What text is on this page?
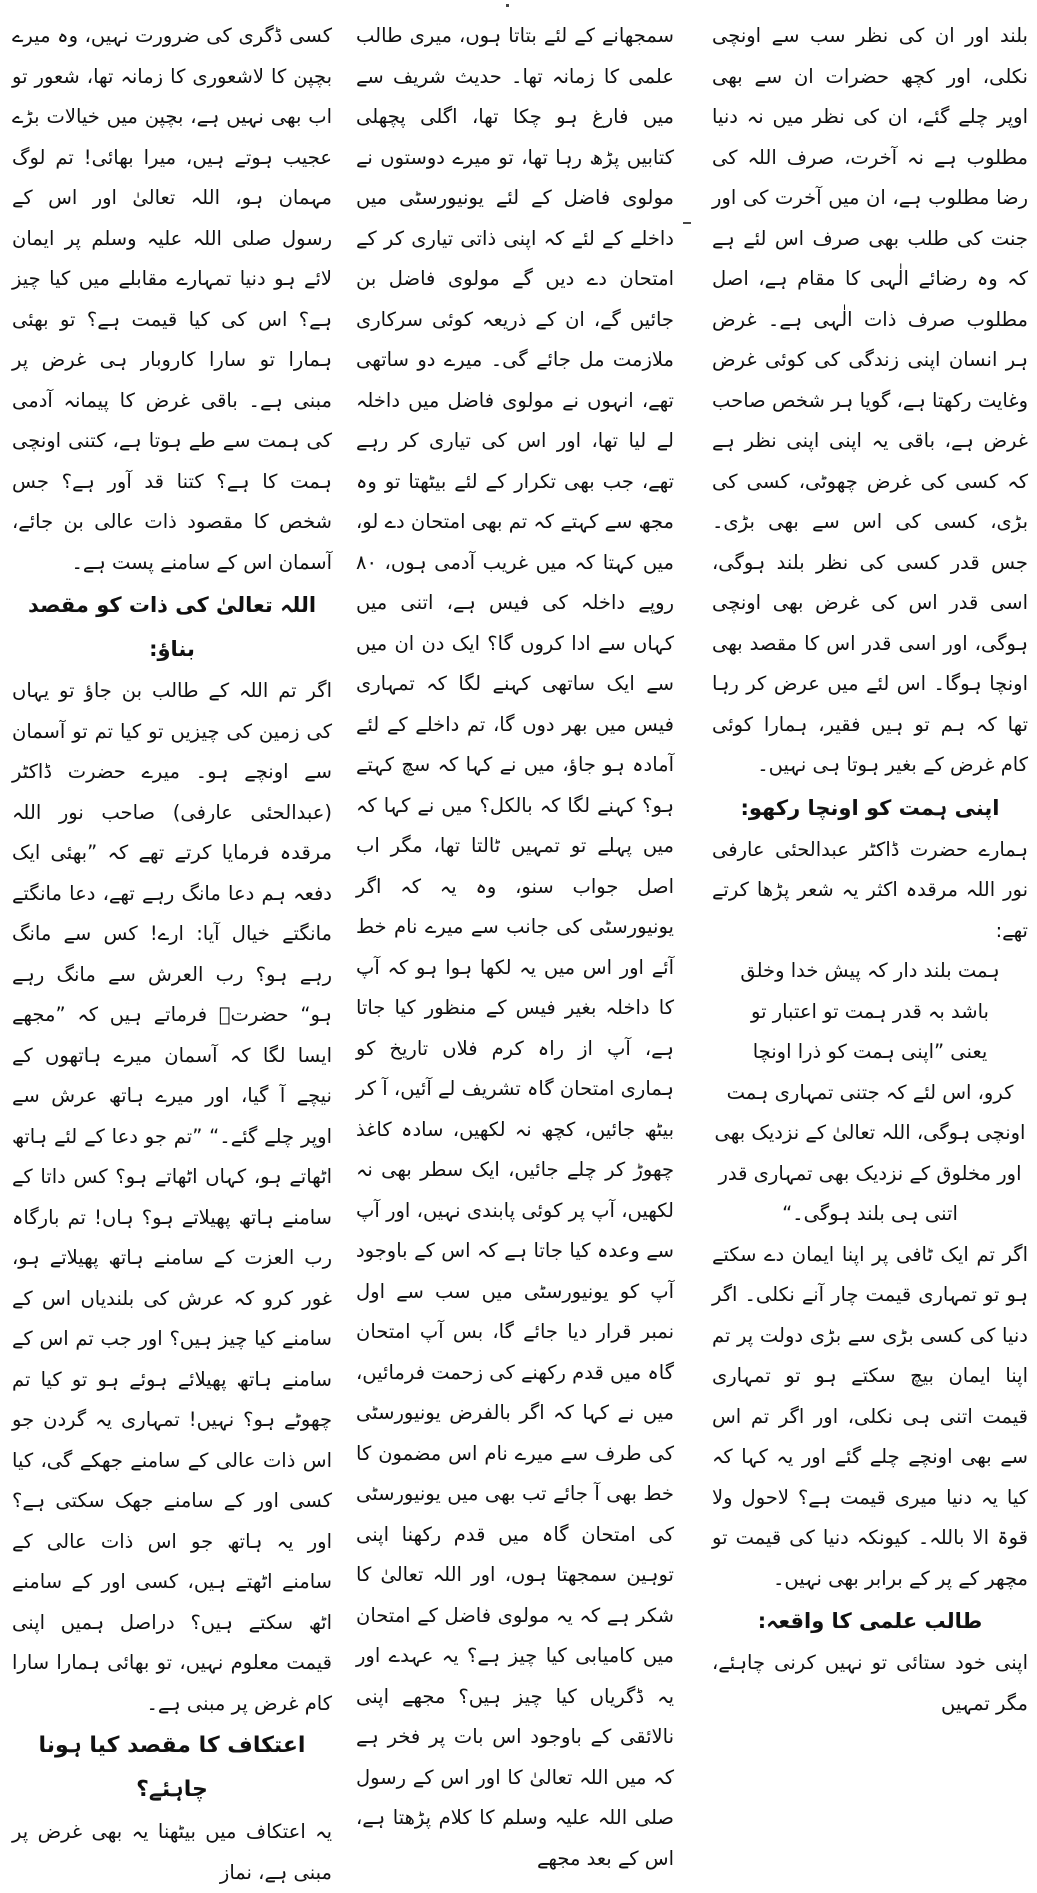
بلند اور ان کی نظر سب سے اونچی نکلی، اور کچھ حضرات ان سے بھی اوپر چلے گئے، ان کی نظر میں نہ دنیا مطلوب ہے نہ آخرت، صرف اللہ کی رضا مطلوب ہے، ان میں آخرت کی اور جنت کی طلب بھی صرف اس لئے ہے کہ وہ رضائے الٰہی کا مقام ہے، اصل مطلوب صرف ذات الٰہی ہے۔ غرض ہر انسان اپنی زندگی کی کوئی غرض وغایت رکھتا ہے، گویا ہر شخص صاحب غرض ہے، باقی یہ اپنی اپنی نظر ہے کہ کسی کی غرض چھوٹی، کسی کی بڑی، کسی کی اس سے بھی بڑی۔ جس قدر کسی کی نظر بلند ہوگی، اسی قدر اس کی غرض بھی اونچی ہوگی، اور اسی قدر اس کا مقصد بھی اونچا ہوگا۔ اس لئے میں عرض کر رہا تھا کہ ہم تو ہیں فقیر، ہمارا کوئی کام غرض کے بغیر ہوتا ہی نہیں۔

اپنی ہمت کو اونچا رکھو:

ہمارے حضرت ڈاکٹر عبدالحئی عارفی نور اللہ مرقدہ اکثر یہ شعر پڑھا کرتے تھے:

ہمت بلند دار کہ پیش خدا وخلق
باشد بہ قدر ہمت تو اعتبار تو
یعنی ”اپنی ہمت کو ذرا اونچا
کرو، اس لئے کہ جتنی تمہاری ہمت
اونچی ہوگی، اللہ تعالیٰ کے نزدیک بھی
اور مخلوق کے نزدیک بھی تمہاری قدر
اتنی ہی بلند ہوگی۔“

اگر تم ایک ٹافی پر اپنا ایمان دے سکتے ہو تو تمہاری قیمت چار آنے نکلی۔ اگر دنیا کی کسی بڑی سے بڑی دولت پر تم اپنا ایمان بیچ سکتے ہو تو تمہاری قیمت اتنی ہی نکلی، اور اگر تم اس سے بھی اونچے چلے گئے اور یہ کہا کہ کیا یہ دنیا میری قیمت ہے؟ لاحول ولا قوۃ الا باللہ۔ کیونکہ دنیا کی قیمت تو مچھر کے پر کے برابر بھی نہیں۔

طالب علمی کا واقعہ:

اپنی خود ستائی تو نہیں کرنی چاہئے، مگر تمہیں

سمجھانے کے لئے بتاتا ہوں، میری طالب علمی کا زمانہ تھا۔ حدیث شریف سے میں فارغ ہو چکا تھا، اگلی پچھلی کتابیں پڑھ رہا تھا، تو میرے دوستوں نے مولوی فاضل کے لئے یونیورسٹی میں داخلے کے لئے کہ اپنی ذاتی تیاری کر کے امتحان دے دیں گے مولوی فاضل بن جائیں گے، ان کے ذریعہ کوئی سرکاری ملازمت مل جائے گی۔ میرے دو ساتھی تھے، انہوں نے مولوی فاضل میں داخلہ لے لیا تھا، اور اس کی تیاری کر رہے تھے، جب بھی تکرار کے لئے بیٹھتا تو وہ مجھ سے کہتے کہ تم بھی امتحان دے لو، میں کہتا کہ میں غریب آدمی ہوں، ۸۰ روپے داخلہ کی فیس ہے، اتنی میں کہاں سے ادا کروں گا؟ ایک دن ان میں سے ایک ساتھی کہنے لگا کہ تمہاری فیس میں بھر دوں گا، تم داخلے کے لئے آمادہ ہو جاؤ، میں نے کہا کہ سچ کہتے ہو؟ کہنے لگا کہ بالکل؟ میں نے کہا کہ میں پہلے تو تمہیں ٹالتا تھا، مگر اب اصل جواب سنو، وہ یہ کہ اگر یونیورسٹی کی جانب سے میرے نام خط آئے اور اس میں یہ لکھا ہوا ہو کہ آپ کا داخلہ بغیر فیس کے منظور کیا جاتا ہے، آپ از راہ کرم فلاں تاریخ کو ہماری امتحان گاہ تشریف لے آئیں، آ کر بیٹھ جائیں، کچھ نہ لکھیں، سادہ کاغذ چھوڑ کر چلے جائیں، ایک سطر بھی نہ لکھیں، آپ پر کوئی پابندی نہیں، اور آپ سے وعدہ کیا جاتا ہے کہ اس کے باوجود آپ کو یونیورسٹی میں سب سے اول نمبر قرار دیا جائے گا، بس آپ امتحان گاہ میں قدم رکھنے کی زحمت فرمائیں، میں نے کہا کہ اگر بالفرض یونیورسٹی کی طرف سے میرے نام اس مضمون کا خط بھی آ جائے تب بھی میں یونیورسٹی کی امتحان گاہ میں قدم رکھنا اپنی توہین سمجھتا ہوں، اور اللہ تعالیٰ کا شکر ہے کہ یہ مولوی فاضل کے امتحان میں کامیابی کیا چیز ہے؟ یہ عہدے اور یہ ڈگریاں کیا چیز ہیں؟ مجھے اپنی نالائقی کے باوجود اس بات پر فخر ہے کہ میں اللہ تعالیٰ کا اور اس کے رسول صلی اللہ علیہ وسلم کا کلام پڑھتا ہے، اس کے بعد مجھے

کسی ڈگری کی ضرورت نہیں، وہ میرے بچپن کا لاشعوری کا زمانہ تھا، شعور تو اب بھی نہیں ہے، بچپن میں خیالات بڑے عجیب ہوتے ہیں، میرا بھائی! تم لوگ مہمان ہو، اللہ تعالیٰ اور اس کے رسول صلی اللہ علیہ وسلم پر ایمان لائے ہو دنیا تمہارے مقابلے میں کیا چیز ہے؟ اس کی کیا قیمت ہے؟ تو بھئی ہمارا تو سارا کاروبار ہی غرض پر مبنی ہے۔ باقی غرض کا پیمانہ آدمی کی ہمت سے طے ہوتا ہے، کتنی اونچی ہمت کا ہے؟ کتنا قد آور ہے؟ جس شخص کا مقصود ذات عالی بن جائے، آسمان اس کے سامنے پست ہے۔

اللہ تعالیٰ کی ذات کو مقصد بناؤ:

اگر تم اللہ کے طالب بن جاؤ تو یہاں کی زمین کی چیزیں تو کیا تم تو آسمان سے اونچے ہو۔ میرے حضرت ڈاکٹر (عبدالحئی عارفی) صاحب نور اللہ مرقدہ فرمایا کرتے تھے کہ ”بھئی ایک دفعہ ہم دعا مانگ رہے تھے، دعا مانگتے مانگتے خیال آیا: ارے! کس سے مانگ رہے ہو؟ رب العرش سے مانگ رہے ہو“ حضرتؒ فرماتے ہیں کہ ”مجھے ایسا لگا کہ آسمان میرے ہاتھوں کے نیچے آ گیا، اور میرے ہاتھ عرش سے اوپر چلے گئے۔“ ”تم جو دعا کے لئے ہاتھ اٹھاتے ہو، کہاں اٹھاتے ہو؟ کس داتا کے سامنے ہاتھ پھیلاتے ہو؟ ہاں! تم بارگاہ رب العزت کے سامنے ہاتھ پھیلاتے ہو، غور کرو کہ عرش کی بلندیاں اس کے سامنے کیا چیز ہیں؟ اور جب تم اس کے سامنے ہاتھ پھیلائے ہوئے ہو تو کیا تم چھوٹے ہو؟ نہیں! تمہاری یہ گردن جو اس ذات عالی کے سامنے جھکے گی، کیا کسی اور کے سامنے جھک سکتی ہے؟ اور یہ ہاتھ جو اس ذات عالی کے سامنے اٹھتے ہیں، کسی اور کے سامنے اٹھ سکتے ہیں؟ دراصل ہمیں اپنی قیمت معلوم نہیں، تو بھائی ہمارا سارا کام غرض پر مبنی ہے۔

اعتکاف کا مقصد کیا ہونا چاہئے؟

یہ اعتکاف میں بیٹھنا یہ بھی غرض پر مبنی ہے، نماز
